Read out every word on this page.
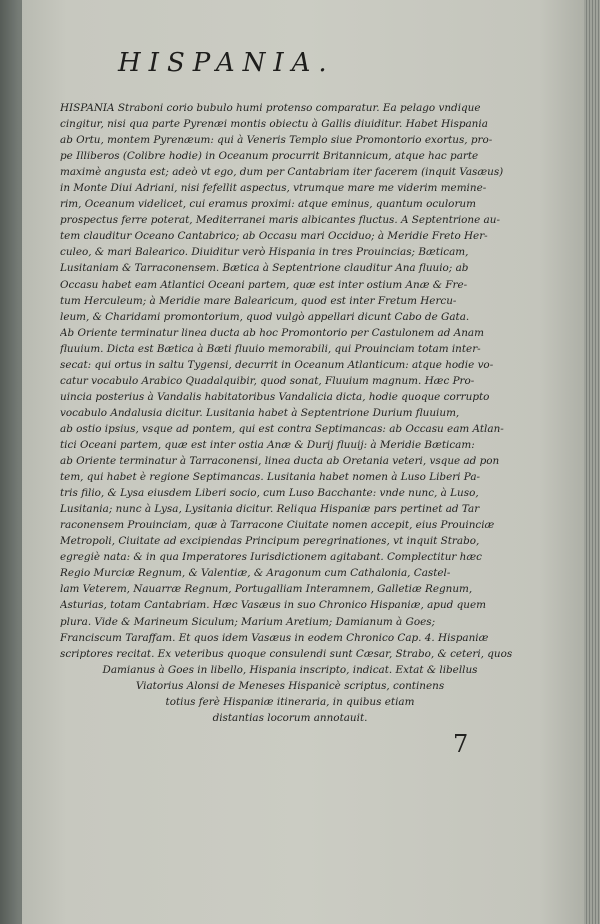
HISPANIA.
HISPANIA Straboni corio bubulo humi protenso comparatur. Ea pelago vndique
cingitur, nisi qua parte Pyrenæi montis obiectu à Gallis diuiditur. Habet Hispania
ab Ortu, montem Pyrenæum: qui à Veneris Templo siue Promontorio exortus, pro-
pe Illiberos (Colibre hodie) in Oceanum procurrit Britannicum, atque hac parte
maximè angusta est; adeò vt ego, dum per Cantabriam iter facerem (inquit Vasæus)
in Monte Diui Adriani, nisi fefellit aspectus, vtrumque mare me viderim memine-
rim, Oceanum videlicet, cui eramus proximi: atque eminus, quantum oculorum
prospectus ferre poterat, Mediterranei maris albicantes fluctus. A Septentrione au-
tem clauditur Oceano Cantabrico; ab Occasu mari Occiduo; à Meridie Freto Her-
culeo, & mari Balearico. Diuiditur verò Hispania in tres Prouincias; Bæticam,
Lusitaniam & Tarraconensem. Bætica à Septentrione clauditur Ana fluuio; ab
Occasu habet eam Atlantici Oceani partem, quæ est inter ostium Anæ & Fre-
tum Herculeum; à Meridie mare Balearicum, quod est inter Fretum Hercu-
leum, & Charidami promontorium, quod vulgò appellari dicunt Cabo de Gata.
Ab Oriente terminatur linea ducta ab hoc Promontorio per Castulonem ad Anam
fluuium. Dicta est Bætica à Bæti fluuio memorabili, qui Prouinciam totam inter-
secat: qui ortus in saltu Tygensi, decurrit in Oceanum Atlanticum: atque hodie vo-
catur vocabulo Arabico Quadalquibir, quod sonat, Fluuium magnum. Hæc Pro-
uincia posterius à Vandalis habitatoribus Vandalicia dicta, hodie quoque corrupto
vocabulo Andalusia dicitur. Lusitania habet à Septentrione Durium fluuium,
ab ostio ipsius, vsque ad pontem, qui est contra Septimancas: ab Occasu eam Atlan-
tici Oceani partem, quæ est inter ostia Anæ & Durij fluuij: à Meridie Bæticam:
ab Oriente terminatur à Tarraconensi, linea ducta ab Oretania veteri, vsque ad pon
tem, qui habet è regione Septimancas. Lusitania habet nomen à Luso Liberi Pa-
tris filio, & Lysa eiusdem Liberi socio, cum Luso Bacchante: vnde nunc, à Luso,
Lusitania; nunc à Lysa, Lysitania dicitur. Reliqua Hispaniæ pars pertinet ad Tar
raconensem Prouinciam, quæ à Tarracone Ciuitate nomen accepit, eius Prouinciæ
Metropoli, Ciuitate ad excipiendas Principum peregrinationes, vt inquit Strabo,
egregiè nata: & in qua Imperatores Iurisdictionem agitabant. Complectitur hæc
Regio Murciæ Regnum, & Valentiæ, & Aragonum cum Cathalonia, Castel-
lam Veterem, Nauarræ Regnum, Portugalliam Interamnem, Galletiæ Regnum,
Asturias, totam Cantabriam. Hæc Vasæus in suo Chronico Hispaniæ, apud quem
plura. Vide & Marineum Siculum; Marium Aretium; Damianum à Goes;
Franciscum Taraffam. Et quos idem Vasæus in eodem Chronico Cap. 4. Hispaniæ
scriptores recitat. Ex veteribus quoque consulendi sunt Cæsar, Strabo, & ceteri, quos
Damianus à Goes in libello, Hispania inscripto, indicat. Extat & libellus
Viatorius Alonsi de Meneses Hispanicè scriptus, continens
totius ferè Hispaniæ itineraria, in quibus etiam
distantias locorum annotauit.
7
